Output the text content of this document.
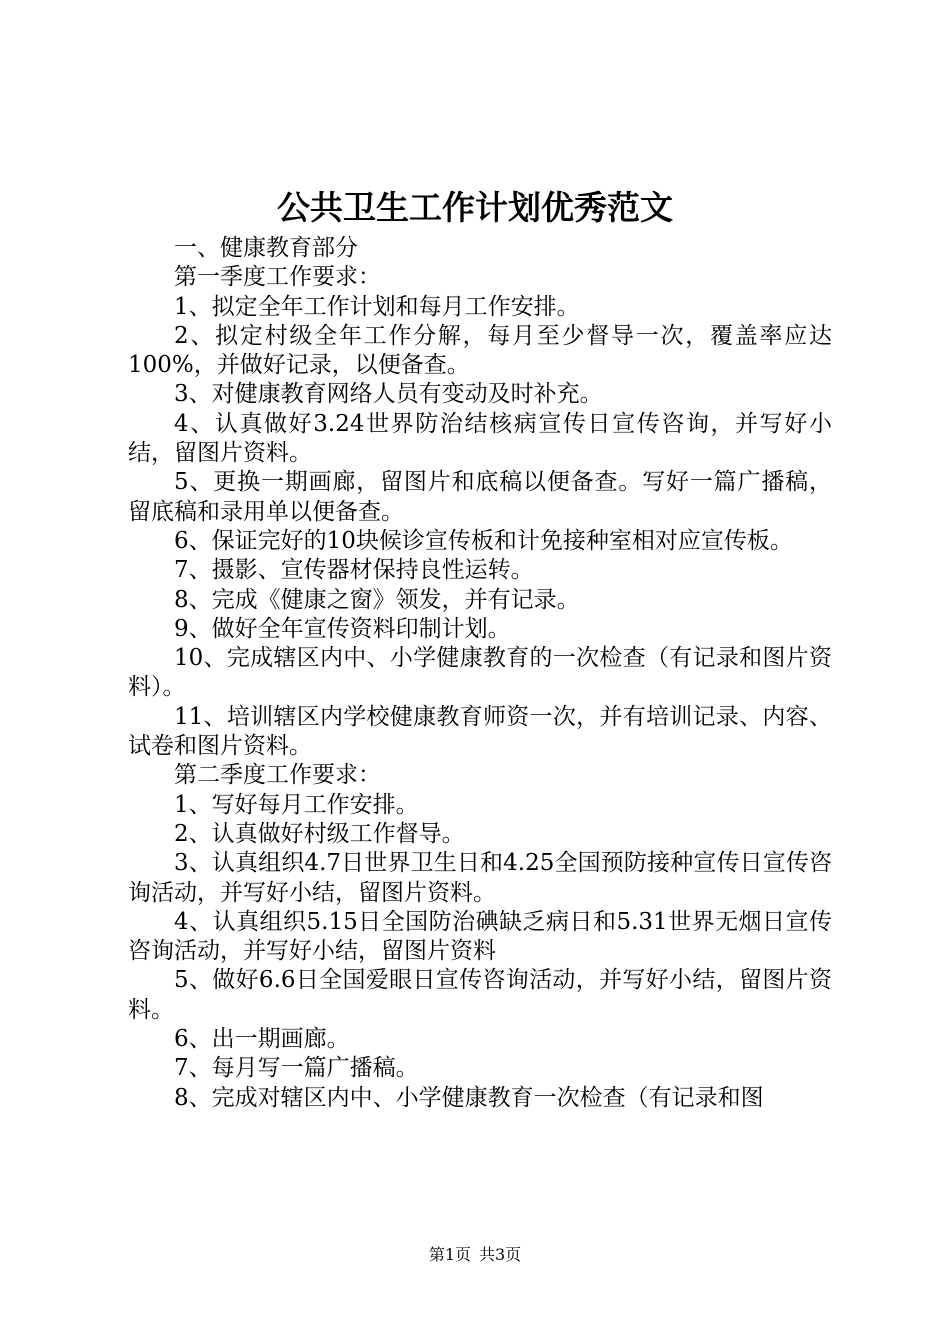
公共卫生工作计划优秀范文

一、健康教育部分

第一季度工作要求：

1、拟定全年工作计划和每月工作安排。

2、拟定村级全年工作分解，每月至少督导一次，覆盖率应达100%，并做好记录，以便备查。

3、对健康教育网络人员有变动及时补充。

4、认真做好3.24世界防治结核病宣传日宣传咨询，并写好小结，留图片资料。

5、更换一期画廊，留图片和底稿以便备查。写好一篇广播稿，留底稿和录用单以便备查。

6、保证完好的10块候诊宣传板和计免接种室相对应宣传板。

7、摄影、宣传器材保持良性运转。

8、完成《健康之窗》领发，并有记录。

9、做好全年宣传资料印制计划。

10、完成辖区内中、小学健康教育的一次检查（有记录和图片资料）。

11、培训辖区内学校健康教育师资一次，并有培训记录、内容、试卷和图片资料。

第二季度工作要求：

1、写好每月工作安排。

2、认真做好村级工作督导。

3、认真组织4.7日世界卫生日和4.25全国预防接种宣传日宣传咨询活动，并写好小结，留图片资料。

4、认真组织5.15日全国防治碘缺乏病日和5.31世界无烟日宣传咨询活动，并写好小结，留图片资料

5、做好6.6日全国爱眼日宣传咨询活动，并写好小结，留图片资料。

6、出一期画廊。

7、每月写一篇广播稿。

8、完成对辖区内中、小学健康教育一次检查（有记录和图

第1页 共3页
